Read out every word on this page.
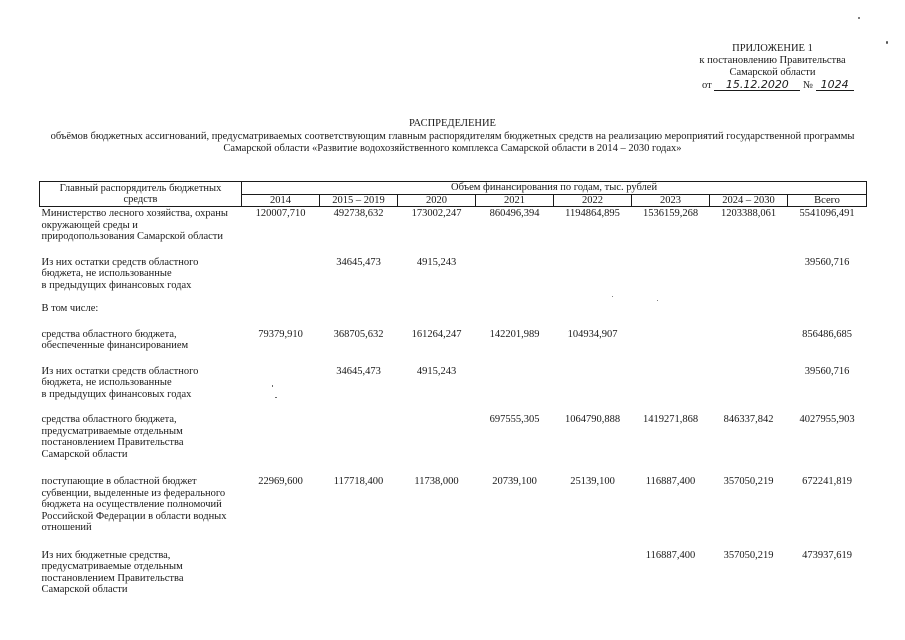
ПРИЛОЖЕНИЕ 1
к постановлению Правительства
Самарской области
от 15.12.2020 № 1024
РАСПРЕДЕЛЕНИЕ
объёмов бюджетных ассигнований, предусматриваемых соответствующим главным распорядителям бюджетных средств на реализацию мероприятий государственной программы
Самарской области «Развитие водохозяйственного комплекса Самарской области в 2014 – 2030 годах»
Главный распорядитель бюджетных средств	Объем финансирования по годам, тыс. рублей							
	2014	2015 – 2019	2020	2021	2022	2023	2024 – 2030	Всего

Министерство лесного хозяйства, охраны
окружающей среды и
природопользования Самарской области	120007,710	492738,632	173002,247	860496,394	1194864,895	1536159,268	1203388,061	5541096,491

Из них остатки средств областного
бюджета, не использованные
в предыдущих финансовых годах		34645,473	4915,243					39560,716

В том числе:								

средства областного бюджета,
обеспеченные финансированием	79379,910	368705,632	161264,247	142201,989	104934,907			856486,685

Из них остатки средств областного
бюджета, не использованные
в предыдущих финансовых годах		34645,473	4915,243					39560,716

средства областного бюджета,
предусматриваемые отдельным
постановлением Правительства
Самарской области				697555,305	1064790,888	1419271,868	846337,842	4027955,903

поступающие в областной бюджет
субвенции, выделенные из федерального
бюджета на осуществление полномочий
Российской Федерации в области водных
отношений	22969,600	117718,400	11738,000	20739,100	25139,100	116887,400	357050,219	672241,819

Из них бюджетные средства,
предусматриваемые отдельным
постановлением Правительства
Самарской области						116887,400	357050,219	473937,619
